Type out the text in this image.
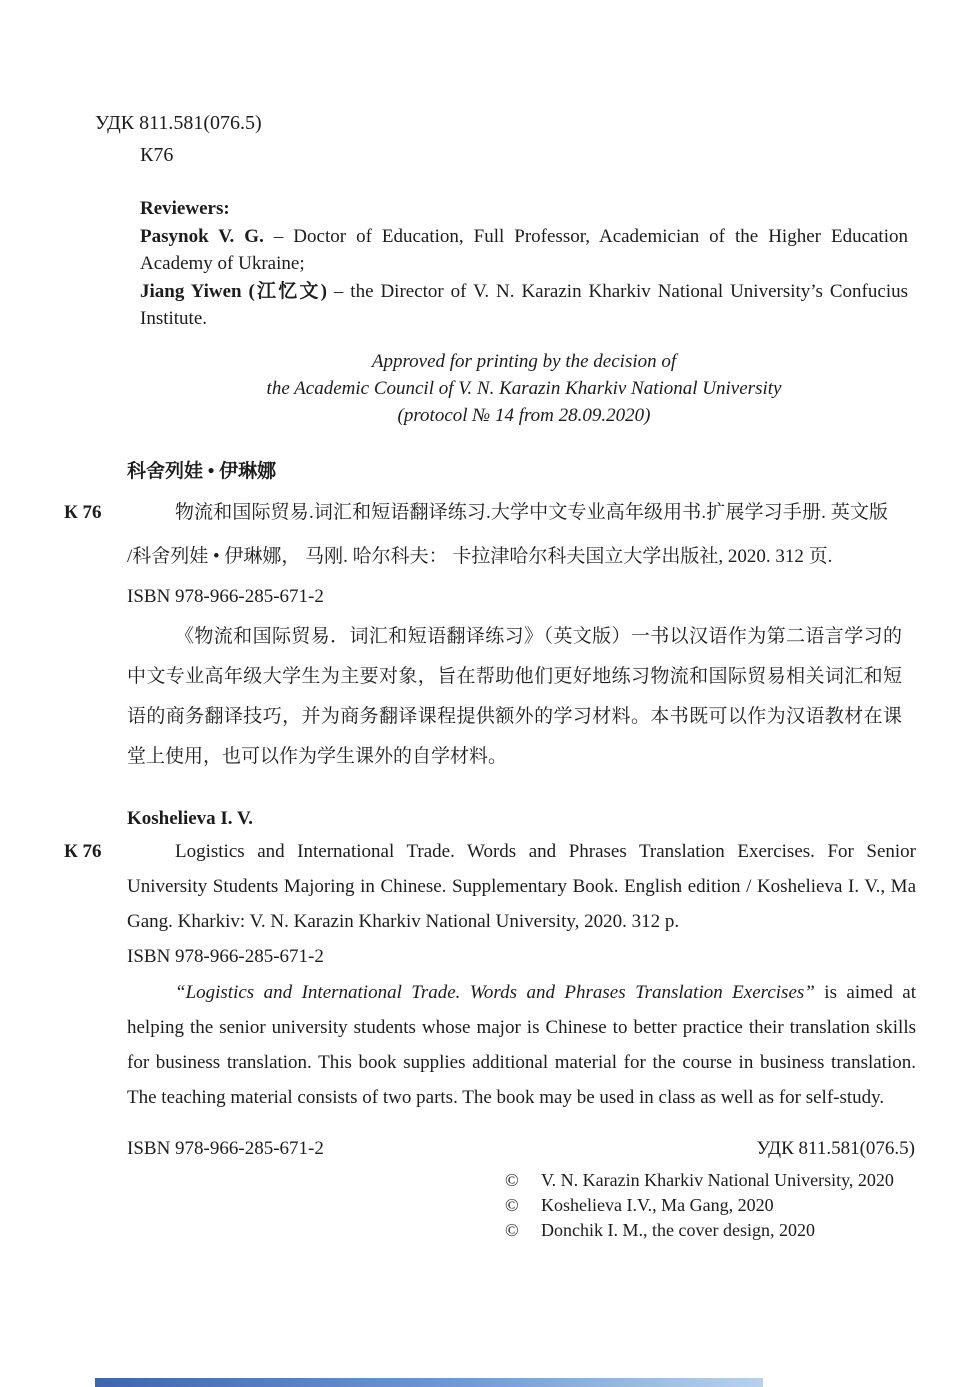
УДК 811.581(076.5)

К76

Reviewers:

Pasynok V. G. – Doctor of Education, Full Professor, Academician of the Higher Education Academy of Ukraine;

Jiang Yiwen (江忆文) – the Director of V. N. Karazin Kharkiv National University’s Confucius Institute.

Approved for printing by the decision of

the Academic Council of V. N. Karazin Kharkiv National University

(protocol № 14 from 28.09.2020)

科舍列娃 • 伊琳娜

К 76	物流和国际贸易.词汇和短语翻译练习.大学中文专业高年级用书.扩展学习手册. 英文版 /科舍列娃 • 伊琳娜， 马刚. 哈尔科夫： 卡拉津哈尔科夫国立大学出版社, 2020. 312 页.

ISBN 978-966-285-671-2

《物流和国际贸易．词汇和短语翻译练习》（英文版）一书以汉语作为第二语言学习的中文专业高年级大学生为主要对象，旨在帮助他们更好地练习物流和国际贸易相关词汇和短语的商务翻译技巧，并为商务翻译课程提供额外的学习材料。本书既可以作为汉语教材在课堂上使用，也可以作为学生课外的自学材料。

Koshelieva I. V.

К 76	Logistics and International Trade. Words and Phrases Translation Exercises. For Senior University Students Majoring in Chinese. Supplementary Book. English edition / Koshelieva I. V., Ma Gang. Kharkiv: V. N. Karazin Kharkiv National University, 2020. 312 p.

ISBN 978-966-285-671-2

“Logistics and International Trade. Words and Phrases Translation Exercises” is aimed at helping the senior university students whose major is Chinese to better practice their translation skills for business translation. This book supplies additional material for the course in business translation. The teaching material consists of two parts. The book may be used in class as well as for self-study.

ISBN 978-966-285-671-2	УДК 811.581(076.5)
©	V. N. Karazin Kharkiv National University, 2020
©	Koshelieva I.V., Ma Gang, 2020
©	Donchik I. M., the cover design, 2020
